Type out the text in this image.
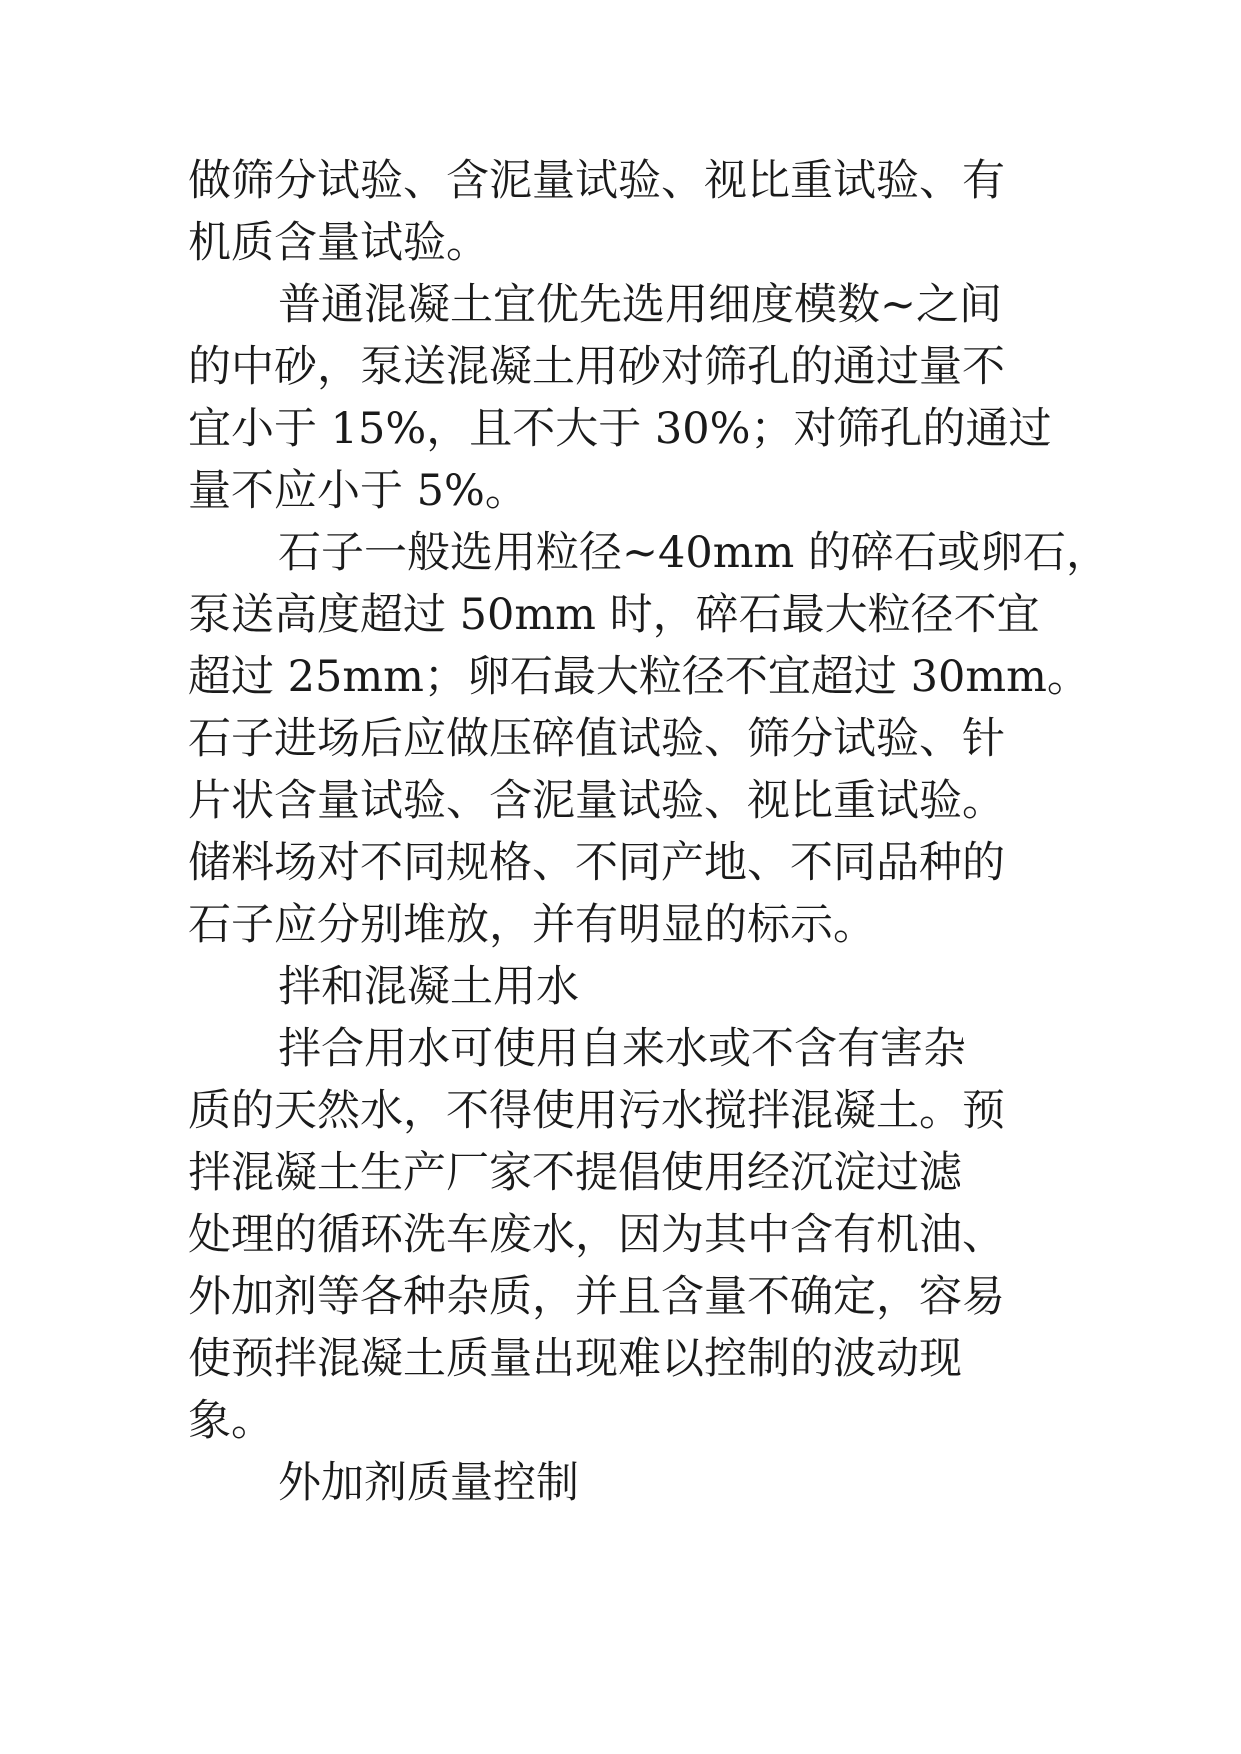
做筛分试验、含泥量试验、视比重试验、有
机质含量试验。
普通混凝土宜优先选用细度模数~之间
的中砂，泵送混凝土用砂对筛孔的通过量不
宜小于 15%，且不大于 30%；对筛孔的通过
量不应小于 5%。
石子一般选用粒径~40mm 的碎石或卵石，
泵送高度超过 50mm 时，碎石最大粒径不宜
超过 25mm；卵石最大粒径不宜超过 30mm。
石子进场后应做压碎值试验、筛分试验、针
片状含量试验、含泥量试验、视比重试验。
储料场对不同规格、不同产地、不同品种的
石子应分别堆放，并有明显的标示。
拌和混凝土用水
拌合用水可使用自来水或不含有害杂
质的天然水，不得使用污水搅拌混凝土。预
拌混凝土生产厂家不提倡使用经沉淀过滤
处理的循环洗车废水，因为其中含有机油、
外加剂等各种杂质，并且含量不确定，容易
使预拌混凝土质量出现难以控制的波动现
象。
外加剂质量控制
